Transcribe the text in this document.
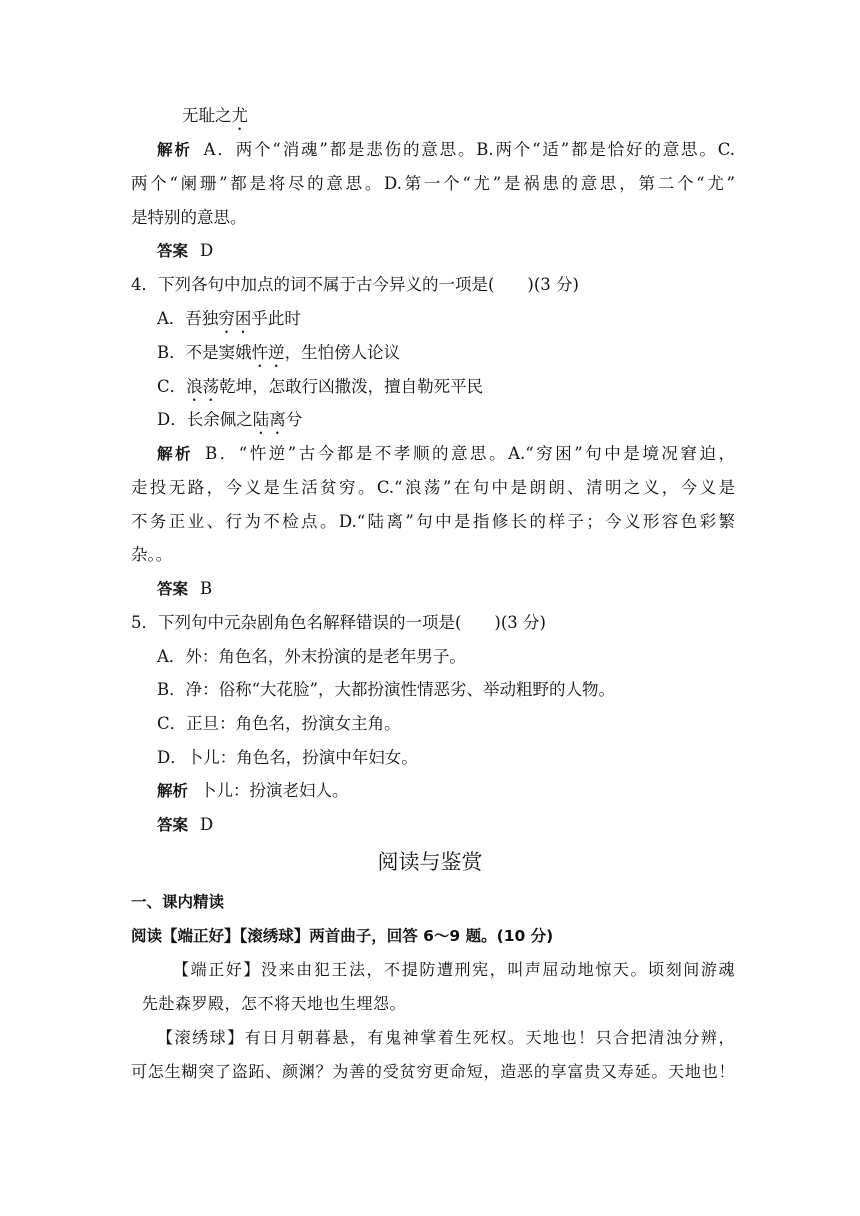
无耻之尤
解析 A．两个“消魂”都是悲伤的意思。B.两个“适”都是恰好的意思。C.
两个“阑珊”都是将尽的意思。D.第一个“尤”是祸患的意思，第二个“尤”
是特别的意思。
答案 D
4．下列各句中加点的词不属于古今异义的一项是(　　)(3 分)
A．吾独穷困乎此时
B．不是窦娥忤逆，生怕傍人论议
C．浪荡乾坤，怎敢行凶撒泼，擅自勒死平民
D．长余佩之陆离兮
解析 B．“忤逆”古今都是不孝顺的意思。A.“穷困”句中是境况窘迫，
走投无路，今义是生活贫穷。C.“浪荡”在句中是朗朗、清明之义，今义是
不务正业、行为不检点。D.“陆离”句中是指修长的样子；今义形容色彩繁
杂。。
答案 B
5．下列句中元杂剧角色名解释错误的一项是(　　)(3 分)
A．外：角色名，外末扮演的是老年男子。
B．净：俗称“大花脸”，大都扮演性情恶劣、举动粗野的人物。
C．正旦：角色名，扮演女主角。
D．卜儿：角色名，扮演中年妇女。
解析 卜儿：扮演老妇人。
答案 D
阅读与鉴赏
一、课内精读
阅读【端正好】【滚绣球】两首曲子，回答 6～9 题。(10 分)
【端正好】没来由犯王法，不提防遭刑宪，叫声屈动地惊天。顷刻间游魂
先赴森罗殿，怎不将天地也生埋怨。
【滚绣球】有日月朝暮悬，有鬼神掌着生死权。天地也！只合把清浊分辨，
可怎生糊突了盗跖、颜渊？为善的受贫穷更命短，造恶的享富贵又寿延。天地也！
